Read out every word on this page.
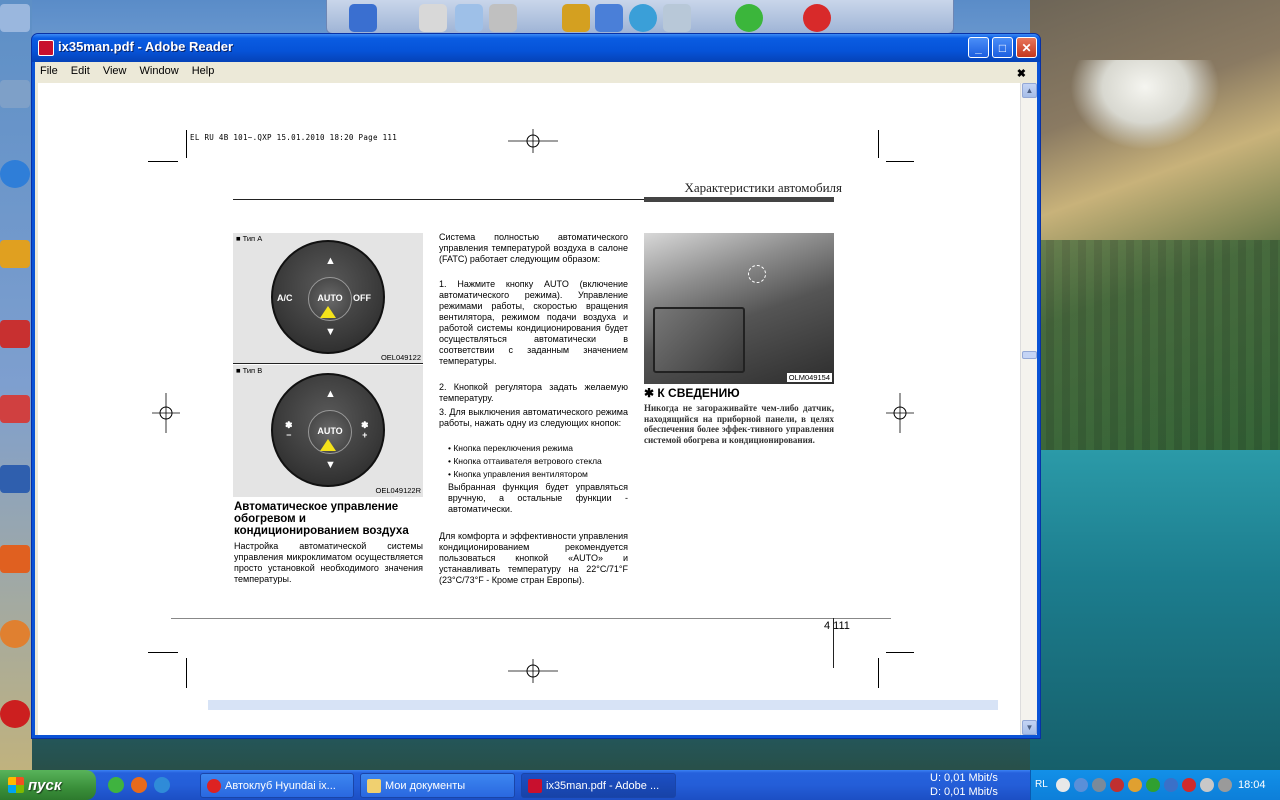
ix35man.pdf - Adobe Reader	_	□	✕
File Edit View Window Help	✖
EL RU 4B 101~.QXP 15.01.2010 18:20 Page 111
Характеристики автомобиля
■ Тип A
▲
▼
A/C	AUTO	OFF
OEL049122
■ Тип B
▲
▼
✽
−	AUTO
✽
+
OEL049122R
Автоматическое управление обогревом и кондиционированием воздуха
Настройка автоматической системы управления микроклиматом осуществляется просто установкой необходимого значения температуры.
Система полностью автоматического управления температурой воздуха в салоне (FATC) работает следующим образом:
1. Нажмите кнопку AUTO (включение автоматического режима). Управление режимами работы, скоростью вращения вентилятора, режимом подачи воздуха и работой системы кондиционирования будет осуществляться автоматически в соответствии с заданным значением температуры.
2. Кнопкой регулятора задать желаемую температуру.
3. Для выключения автоматического режима работы, нажать одну из следующих кнопок:
• Кнопка переключения режима
• Кнопка оттаивателя ветрового стекла
• Кнопка управления вентилятором
Выбранная функция будет управляться вручную, а остальные функции - автоматически.
Для комфорта и эффективности управления кондиционированием рекомендуется пользоваться кнопкой «AUTO» и устанавливать температуру на 22°C/71°F (23°C/73°F - Кроме стран Европы).
OLM049154
✱ К СВЕДЕНИЮ
Никогда не загораживайте чем-либо датчик, находящийся на приборной панели, в целях обеспечения более эффек-тивного управления системой обогрева и кондиционирования.
4 111
▲
▼
пуск	Автоклуб Hyundai ix...	Мои документы	ix35man.pdf - Adobe ...
U: 0,01 Mbit/s
D: 0,01 Mbit/s
RL	18:04
